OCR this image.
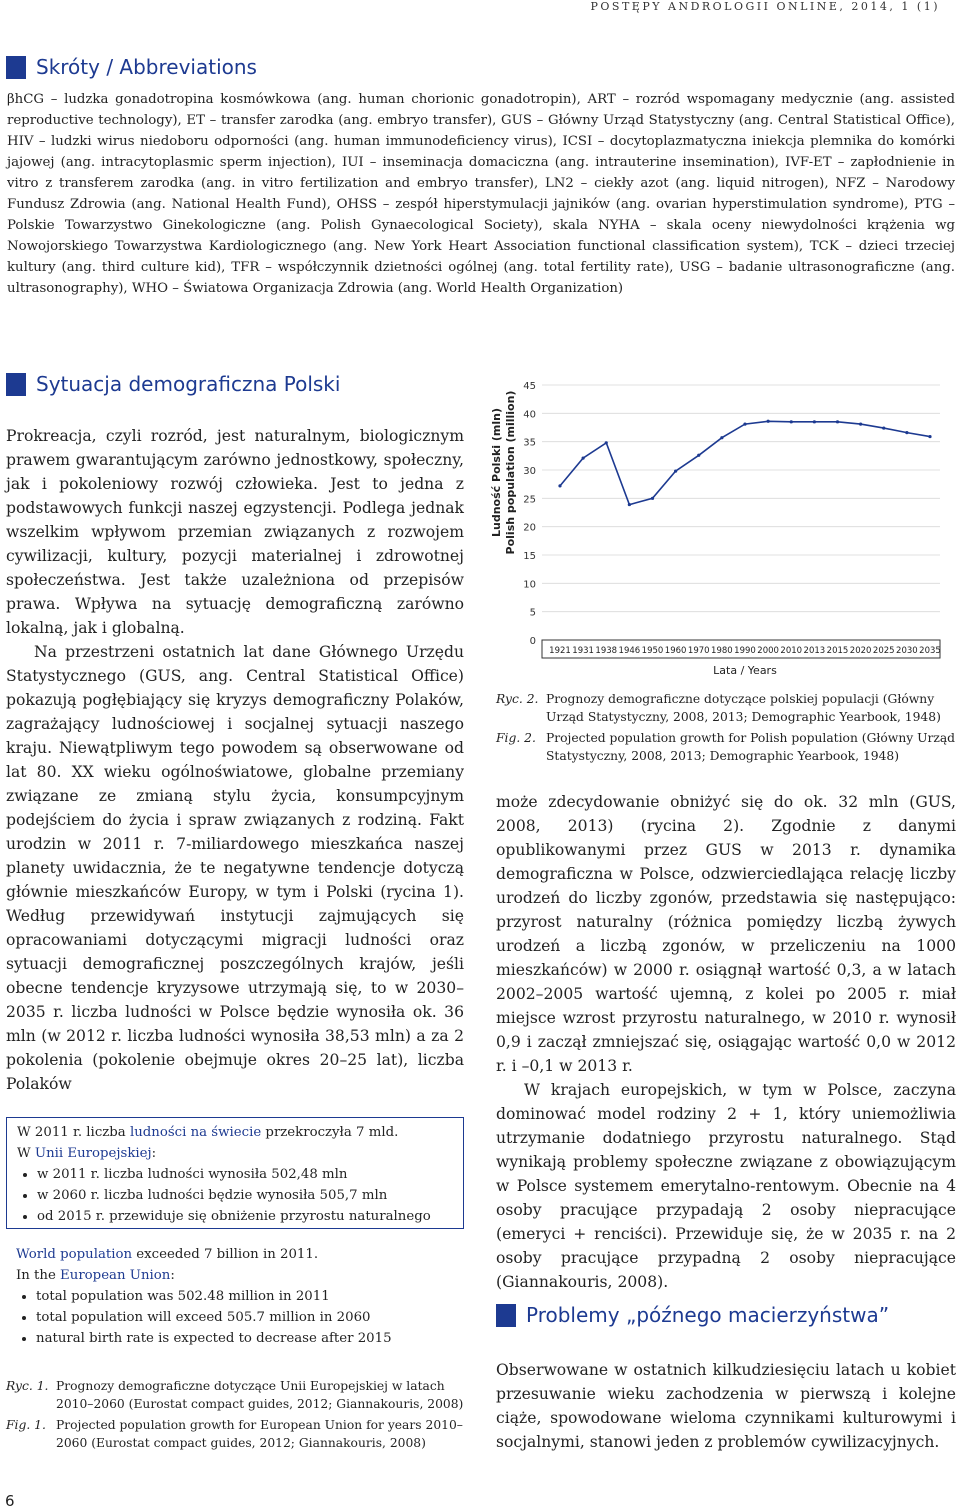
POSTĘPY ANDROLOGII ONLINE, 2014, 1 (1)
Skróty / Abbreviations
βhCG – ludzka gonadotropina kosmówkowa (ang. human chorionic gonadotropin), ART – rozród wspomagany medycznie (ang. assisted reproductive technology), ET – transfer zarodka (ang. embryo transfer), GUS – Główny Urząd Statystyczny (ang. Central Statistical Office), HIV – ludzki wirus niedoboru odporności (ang. human immunodeficiency virus), ICSI – docytoplazmatyczna iniekcja plemnika do komórki jajowej (ang. intracytoplasmic sperm injection), IUI – inseminacja domaciczna (ang. intrauterine insemination), IVF-ET – zapłodnienie in vitro z transferem zarodka (ang. in vitro fertilization and embryo transfer), LN2 – ciekły azot (ang. liquid nitrogen), NFZ – Narodowy Fundusz Zdrowia (ang. National Health Fund), OHSS – zespół hiperstymulacji jajników (ang. ovarian hyperstimulation syndrome), PTG – Polskie Towarzystwo Ginekologiczne (ang. Polish Gynaecological Society), skala NYHA – skala oceny niewydolności krążenia wg Nowojorskiego Towarzystwa Kardiologicznego (ang. New York Heart Association functional classification system), TCK – dzieci trzeciej kultury (ang. third culture kid), TFR – współczynnik dzietności ogólnej (ang. total fertility rate), USG – badanie ultrasonograficzne (ang. ultrasonography), WHO – Światowa Organizacja Zdrowia (ang. World Health Organization)
Sytuacja demograficzna Polski

Prokreacja, czyli rozród, jest naturalnym, biologicznym prawem gwarantującym zarówno jednostkowy, społeczny, jak i pokoleniowy rozwój człowieka. Jest to jedna z podstawowych funkcji naszej egzystencji. Podlega jednak wszelkim wpływom przemian związanych z rozwojem cywilizacji, kultury, pozycji materialnej i zdrowotnej społeczeństwa. Jest także uzależniona od przepisów prawa. Wpływa na sytuację demograficzną zarówno lokalną, jak i globalną.

Na przestrzeni ostatnich lat dane Głównego Urzędu Statystycznego (GUS, ang. Central Statistical Office) pokazują pogłębiający się kryzys demograficzny Polaków, zagrażający ludnościowej i socjalnej sytuacji naszego kraju. Niewątpliwym tego powodem są obserwowane od lat 80. XX wieku ogólnoświatowe, globalne przemiany związane ze zmianą stylu życia, konsumpcyjnym podejściem do życia i spraw związanych z rodziną. Fakt urodzin w 2011 r. 7-miliardowego mieszkańca naszej planety uwidacznia, że te negatywne tendencje dotyczą głównie mieszkańców Europy, w tym i Polski (rycina 1). Według przewidywań instytucji zajmujących się opracowaniami dotyczącymi migracji ludności oraz sytuacji demograficznej poszczególnych krajów, jeśli obecne tendencje kryzysowe utrzymają się, to w 2030–2035 r. liczba ludności w Polsce będzie wynosiła ok. 36 mln (w 2012 r. liczba ludności wynosiła 38,53 mln) a za 2 pokolenia (pokolenie obejmuje okres 20–25 lat), liczba Polaków

W 2011 r. liczba ludności na świecie przekroczyła 7 mld.
W Unii Europejskiej:
• w 2011 r. liczba ludności wynosiła 502,48 mln
• w 2060 r. liczba ludności będzie wynosiła 505,7 mln
• od 2015 r. przewiduje się obniżenie przyrostu naturalnego
World population exceeded 7 billion in 2011.
In the European Union:
• total population was 502.48 million in 2011
• total population will exceed 505.7 million in 2060
• natural birth rate is expected to decrease after 2015
Ryc. 1. Prognozy demograficzne dotyczące Unii Europejskiej w latach 2010–2060 (Eurostat compact guides, 2012; Giannakouris, 2008)
Fig. 1. Projected population growth for European Union for years 2010–2060 (Eurostat compact guides, 2012; Giannakouris, 2008)
0
5
10
15
20
25
30
35
40
45
1921 1931 1938 1946 1950 1960 1970 1980 1990 2000 2010 2013 2015 2020 2025 2030 2035
Ludność Polski (mln) Polish population (million)
Lata / Years
Ryc. 2. Prognozy demograficzne dotyczące polskiej populacji (Główny Urząd Statystyczny, 2008, 2013; Demographic Yearbook, 1948)
Fig. 2. Projected population growth for Polish population (Główny Urząd Statystyczny, 2008, 2013; Demographic Yearbook, 1948)

może zdecydowanie obniżyć się do ok. 32 mln (GUS, 2008, 2013) (rycina 2). Zgodnie z danymi opublikowanymi przez GUS w 2013 r. dynamika demograficzna w Polsce, odzwierciedlająca relację liczby urodzeń do liczby zgonów, przedstawia się następująco: przyrost naturalny (różnica pomiędzy liczbą żywych urodzeń a liczbą zgonów, w przeliczeniu na 1000 mieszkańców) w 2000 r. osiągnął wartość 0,3, a w latach 2002–2005 wartość ujemną, z kolei po 2005 r. miał miejsce wzrost przyrostu naturalnego, w 2010 r. wynosił 0,9 i zaczął zmniejszać się, osiągając wartość 0,0 w 2012 r. i –0,1 w 2013 r.

W krajach europejskich, w tym w Polsce, zaczyna dominować model rodziny 2 + 1, który uniemożliwia utrzymanie dodatniego przyrostu naturalnego. Stąd wynikają problemy społeczne związane z obowiązującym w Polsce systemem emerytalno-rentowym. Obecnie na 4 osoby pracujące przypadają 2 osoby niepracujące (emeryci + renciści). Przewiduje się, że w 2035 r. na 2 osoby pracujące przypadną 2 osoby niepracujące (Giannakouris, 2008).

Problemy „późnego macierzyństwa”

Obserwowane w ostatnich kilkudziesięciu latach u kobiet przesuwanie wieku zachodzenia w pierwszą i kolejne ciąże, spowodowane wieloma czynnikami kulturowymi i socjalnymi, stanowi jeden z problemów cywilizacyjnych.

6
